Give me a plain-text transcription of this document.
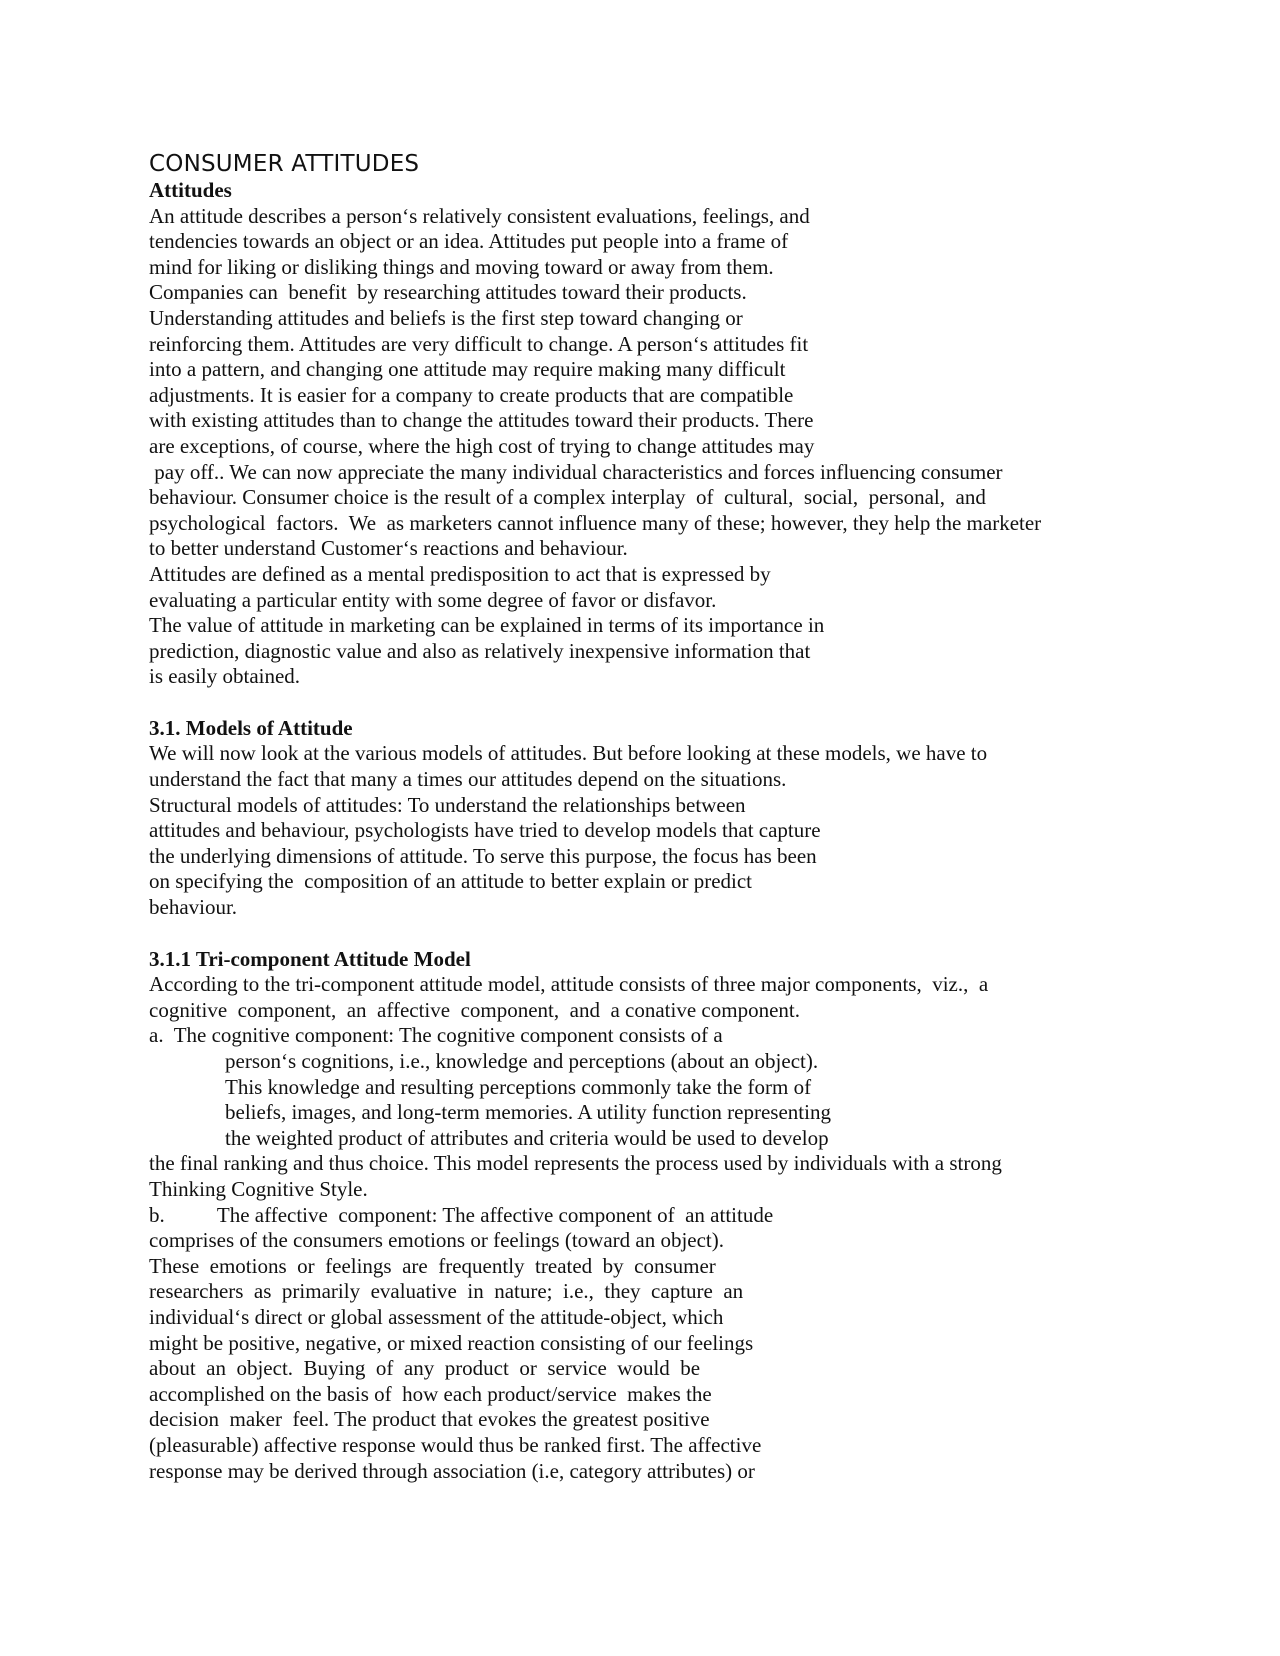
CONSUMER ATTITUDES
Attitudes
An attitude describes a person‘s relatively consistent evaluations, feelings, and
tendencies towards an object or an idea. Attitudes put people into a frame of
mind for liking or disliking things and moving toward or away from them.
Companies can  benefit  by researching attitudes toward their products.
Understanding attitudes and beliefs is the first step toward changing or
reinforcing them. Attitudes are very difficult to change. A person‘s attitudes fit
into a pattern, and changing one attitude may require making many difficult
adjustments. It is easier for a company to create products that are compatible
with existing attitudes than to change the attitudes toward their products. There
are exceptions, of course, where the high cost of trying to change attitudes may
pay off.. We can now appreciate the many individual characteristics and forces influencing consumer
behaviour. Consumer choice is the result of a complex interplay  of  cultural,  social,  personal,  and
psychological  factors.  We  as marketers cannot influence many of these; however, they help the marketer
to better understand Customer‘s reactions and behaviour.
Attitudes are defined as a mental predisposition to act that is expressed by
evaluating a particular entity with some degree of favor or disfavor.
The value of attitude in marketing can be explained in terms of its importance in
prediction, diagnostic value and also as relatively inexpensive information that
is easily obtained.
3.1. Models of Attitude
We will now look at the various models of attitudes. But before looking at these models, we have to
understand the fact that many a times our attitudes depend on the situations.
Structural models of attitudes: To understand the relationships between
attitudes and behaviour, psychologists have tried to develop models that capture
the underlying dimensions of attitude. To serve this purpose, the focus has been
on specifying the  composition of an attitude to better explain or predict
behaviour.
3.1.1 Tri-component Attitude Model
According to the tri-component attitude model, attitude consists of three major components,  viz.,  a
cognitive  component,  an  affective  component,  and  a conative component.
a.  The cognitive component: The cognitive component consists of a
person‘s cognitions, i.e., knowledge and perceptions (about an object).
This knowledge and resulting perceptions commonly take the form of
beliefs, images, and long-term memories. A utility function representing
the weighted product of attributes and criteria would be used to develop
the final ranking and thus choice. This model represents the process used by individuals with a strong
Thinking Cognitive Style.
b.          The affective  component: The affective component of  an attitude
comprises of the consumers emotions or feelings (toward an object).
These  emotions  or  feelings  are  frequently  treated  by  consumer
researchers  as  primarily  evaluative  in  nature;  i.e.,  they  capture  an
individual‘s direct or global assessment of the attitude-object, which
might be positive, negative, or mixed reaction consisting of our feelings
about  an  object.  Buying  of  any  product  or  service  would  be
accomplished on the basis of  how each product/service  makes the
decision  maker  feel. The product that evokes the greatest positive
(pleasurable) affective response would thus be ranked first. The affective
response may be derived through association (i.e, category attributes) or
